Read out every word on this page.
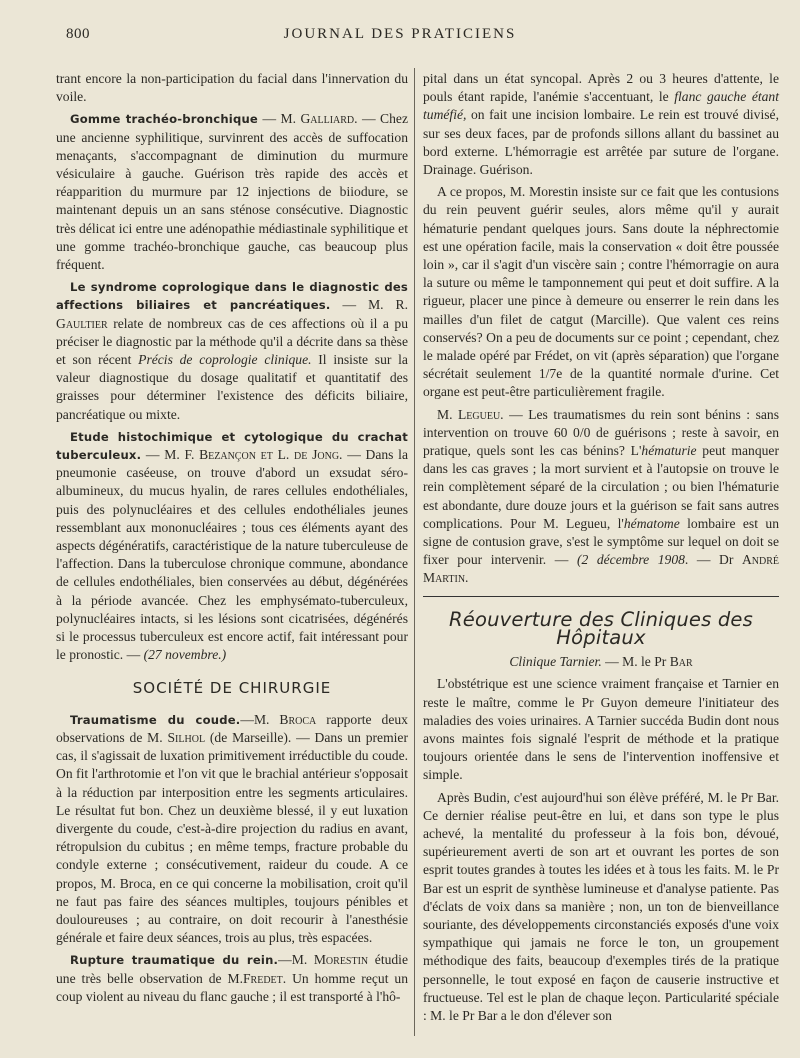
800	JOURNAL DES PRATICIENS

trant encore la non-participation du facial dans l'innervation du voile.

Gomme trachéo-bronchique — M. Galliard. — Chez une ancienne syphilitique, survinrent des accès de suffocation menaçants, s'accompagnant de diminution du murmure vésiculaire à gauche. Guérison très rapide des accès et réapparition du murmure par 12 injections de biiodure, se maintenant depuis un an sans sténose consécutive. Diagnostic très délicat ici entre une adénopathie médiastinale syphilitique et une gomme trachéo-bronchique gauche, cas beaucoup plus fréquent.

Le syndrome coprologique dans le diagnostic des affections biliaires et pancréatiques. — M. R. Gaultier relate de nombreux cas de ces affections où il a pu préciser le diagnostic par la méthode qu'il a décrite dans sa thèse et son récent Précis de coprologie clinique. Il insiste sur la valeur diagnostique du dosage qualitatif et quantitatif des graisses pour déterminer l'existence des déficits biliaire, pancréatique ou mixte.

Etude histochimique et cytologique du crachat tuberculeux. — M. F. Bezançon et L. de Jong. — Dans la pneumonie caséeuse, on trouve d'abord un exsudat séro-albumineux, du mucus hyalin, de rares cellules endothéliales, puis des polynucléaires et des cellules endothéliales jeunes ressemblant aux mononucléaires ; tous ces éléments ayant des aspects dégénératifs, caractéristique de la nature tuberculeuse de l'affection. Dans la tuberculose chronique commune, abondance de cellules endothéliales, bien conservées au début, dégénérées à la période avancée. Chez les emphysémato-tuberculeux, polynucléaires intacts, si les lésions sont cicatrisées, dégénérés si le processus tuberculeux est encore actif, fait intéressant pour le pronostic. — (27 novembre.)

SOCIÉTÉ DE CHIRURGIE

Traumatisme du coude.—M. Broca rapporte deux observations de M. Silhol (de Marseille). — Dans un premier cas, il s'agissait de luxation primitivement irréductible du coude. On fit l'arthrotomie et l'on vit que le brachial antérieur s'opposait à la réduction par interposition entre les segments articulaires. Le résultat fut bon. Chez un deuxième blessé, il y eut luxation divergente du coude, c'est-à-dire projection du radius en avant, rétropulsion du cubitus ; en même temps, fracture probable du condyle externe ; consécutivement, raideur du coude. A ce propos, M. Broca, en ce qui concerne la mobilisation, croit qu'il ne faut pas faire des séances multiples, toujours pénibles et douloureuses ; au contraire, on doit recourir à l'anesthésie générale et faire deux séances, trois au plus, très espacées.

Rupture traumatique du rein.—M. Morestin étudie une très belle observation de M.Fredet. Un homme reçut un coup violent au niveau du flanc gauche ; il est transporté à l'hô-

pital dans un état syncopal. Après 2 ou 3 heures d'attente, le pouls étant rapide, l'anémie s'accentuant, le flanc gauche étant tuméfié, on fait une incision lombaire. Le rein est trouvé divisé, sur ses deux faces, par de profonds sillons allant du bassinet au bord externe. L'hémorragie est arrêtée par suture de l'organe. Drainage. Guérison.

A ce propos, M. Morestin insiste sur ce fait que les contusions du rein peuvent guérir seules, alors même qu'il y aurait hématurie pendant quelques jours. Sans doute la néphrectomie est une opération facile, mais la conservation « doit être poussée loin », car il s'agit d'un viscère sain ; contre l'hémorragie on aura la suture ou même le tamponnement qui peut et doit suffire. A la rigueur, placer une pince à demeure ou enserrer le rein dans les mailles d'un filet de catgut (Marcille). Que valent ces reins conservés? On a peu de documents sur ce point ; cependant, chez le malade opéré par Frédet, on vit (après séparation) que l'organe sécrétait seulement 1/7e de la quantité normale d'urine. Cet organe est peut-être particulièrement fragile.

M. Legueu. — Les traumatismes du rein sont bénins : sans intervention on trouve 60 0/0 de guérisons ; reste à savoir, en pratique, quels sont les cas bénins? L'hématurie peut manquer dans les cas graves ; la mort survient et à l'autopsie on trouve le rein complètement séparé de la circulation ; ou bien l'hématurie est abondante, dure douze jours et la guérison se fait sans autres complications. Pour M. Legueu, l'hématome lombaire est un signe de contusion grave, s'est le symptôme sur lequel on doit se fixer pour intervenir. — (2 décembre 1908. — Dr André Martin.

Réouverture des Cliniques des Hôpitaux
Clinique Tarnier. — M. le Pr Bar

L'obstétrique est une science vraiment française et Tarnier en reste le maître, comme le Pr Guyon demeure l'initiateur des maladies des voies urinaires. A Tarnier succéda Budin dont nous avons maintes fois signalé l'esprit de méthode et la pratique toujours orientée dans le sens de l'intervention inoffensive et simple.

Après Budin, c'est aujourd'hui son élève préféré, M. le Pr Bar. Ce dernier réalise peut-être en lui, et dans son type le plus achevé, la mentalité du professeur à la fois bon, dévoué, supérieurement averti de son art et ouvrant les portes de son esprit toutes grandes à toutes les idées et à tous les faits. M. le Pr Bar est un esprit de synthèse lumineuse et d'analyse patiente. Pas d'éclats de voix dans sa manière ; non, un ton de bienveillance souriante, des développements circonstanciés exposés d'une voix sympathique qui jamais ne force le ton, un groupement méthodique des faits, beaucoup d'exemples tirés de la pratique personnelle, le tout exposé en façon de causerie instructive et fructueuse. Tel est le plan de chaque leçon. Particularité spéciale : M. le Pr Bar a le don d'élever son
